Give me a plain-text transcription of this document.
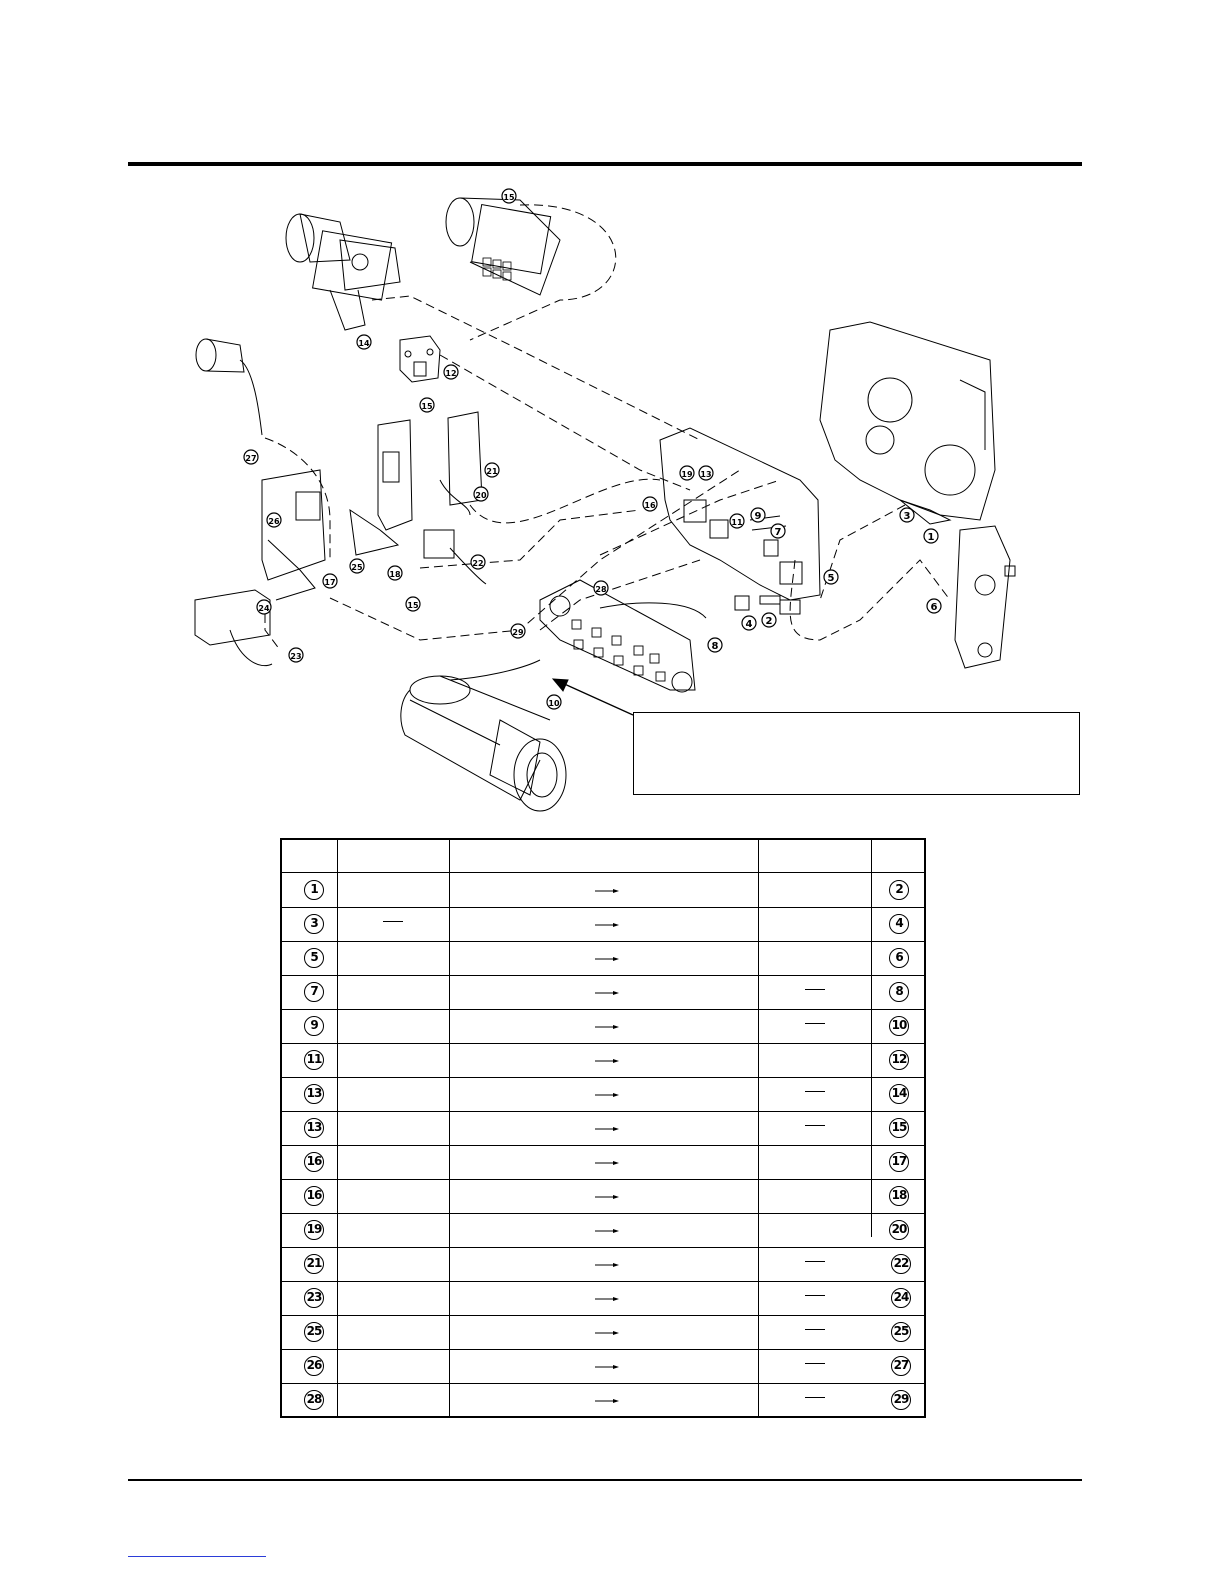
1
2
3
4
5
6
7
8
9
10
11
12
13
14
15
15
15
16
17
18
19
20
21
22
23
24
25
26
27
28
29
1	2
3	4
5	6
7	8
9	10
11	12
13	14
13	15
16	17
16	18
19	20
21	22
23	24
25	25
26	27
28	29
